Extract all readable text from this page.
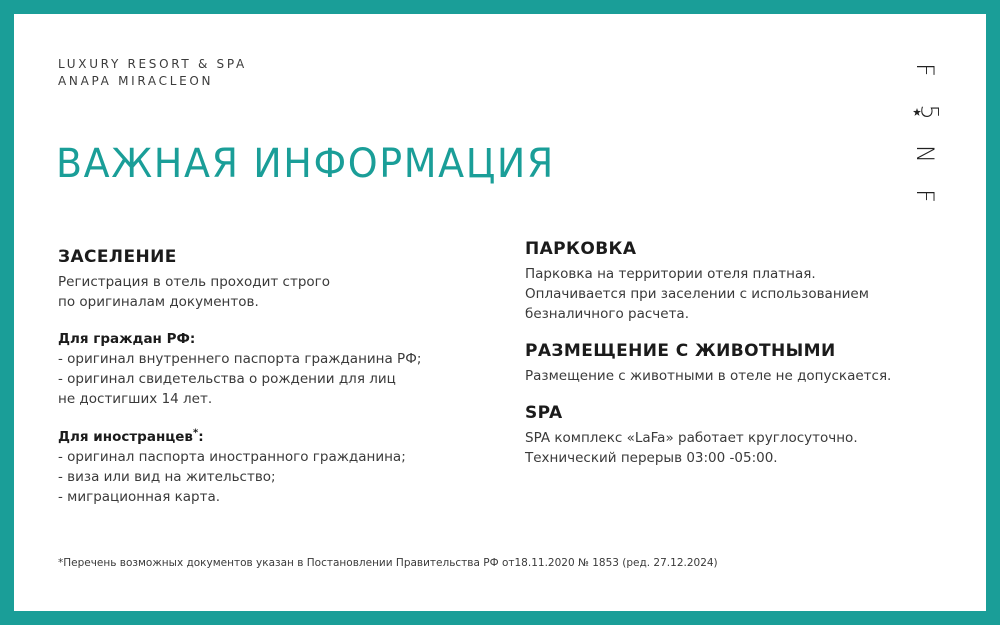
LUXURY RESORT & SPA
ANAPA MIRACLEON
F
5
N
F
ВАЖНАЯ ИНФОРМАЦИЯ
ЗАСЕЛЕНИЕ

Регистрация в отель проходит строго

по оригиналам документов.

Для граждан РФ:

- оригинал внутреннего паспорта гражданина РФ;

- оригинал свидетельства о рождении для лиц

не достигших 14 лет.

Для иностранцев*:

- оригинал паспорта иностранного гражданина;

- виза или вид на жительство;

- миграционная карта.

ПАРКОВКА

Парковка на территории отеля платная.

Оплачивается при заселении с использованием

безналичного расчета.

РАЗМЕЩЕНИЕ С ЖИВОТНЫМИ

Размещение с животными в отеле не допускается.

SPA

SPA комплекс «LaFa» работает круглосуточно.

Технический перерыв 03:00 -05:00.

*Перечень возможных документов указан в Постановлении Правительства РФ от18.11.2020 № 1853 (ред. 27.12.2024)
